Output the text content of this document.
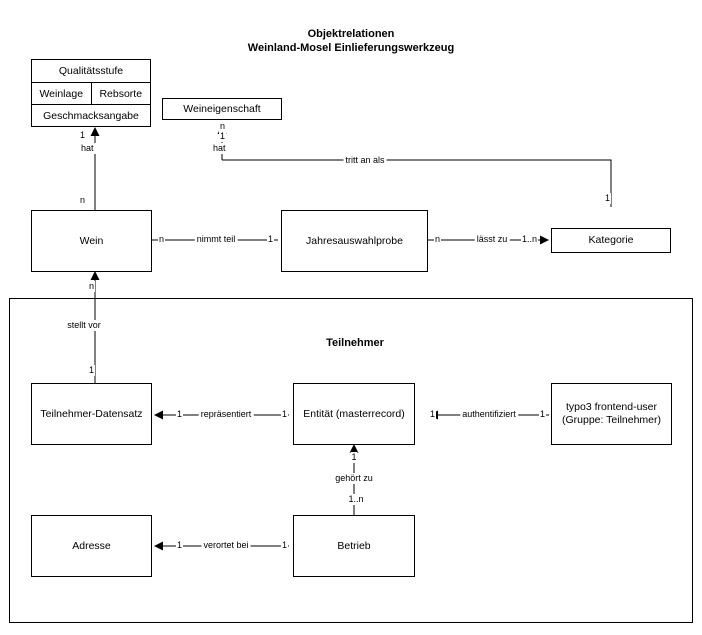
Objektrelationen
Weinland-Mosel Einlieferungswerkzeug
Teilnehmer
Qualitätsstufe
Weinlage	Rebsorte
Geschmacksangabe
Weineigenschaft
Wein	Jahresauswahlprobe	Kategorie
Teilnehmer-Datensatz	Entität (masterrecord)
typo3 frontend-user
(Gruppe: Teilnehmer)
Adresse	Betrieb
hat	hat
tritt an als
nimmt teil	lässt zu
stellt vor
repräsentiert	authentifiziert
gehört zu
verortet bei
1
n
n
1
1
n	1	n	1..n
n
1
1	1	1	1
1
1..n
1	1
